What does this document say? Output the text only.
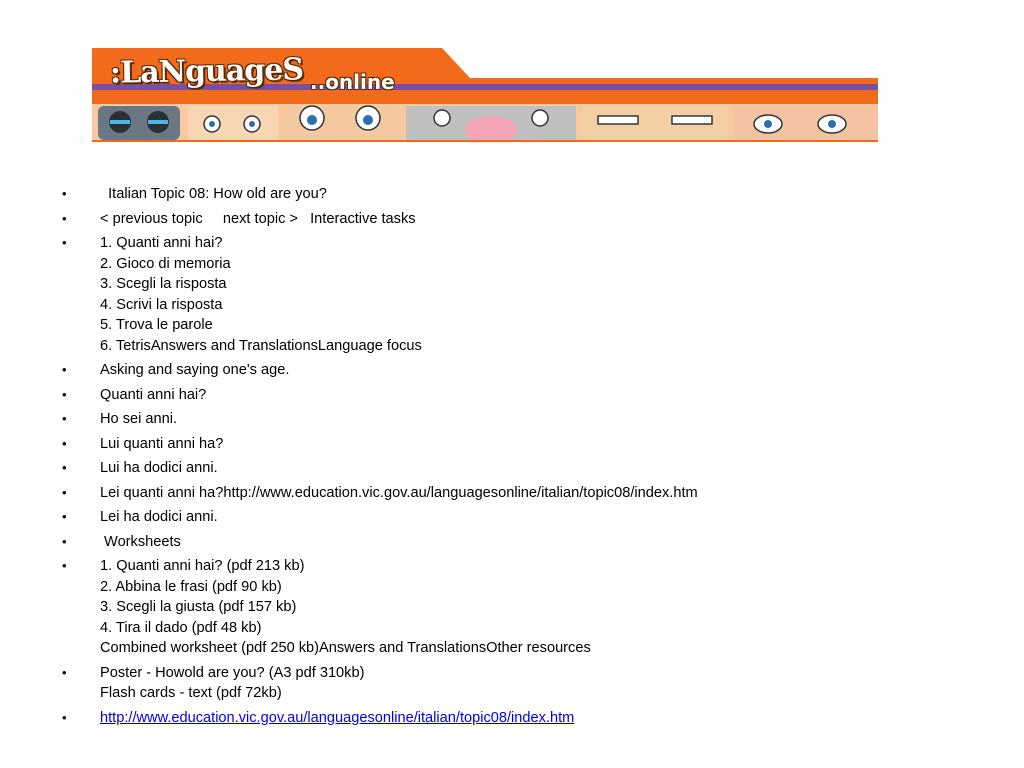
:LaNguageS ..online
• Italian Topic 08: How old are you?
• < previous topic next topic > Interactive tasks
• 1. Quanti anni hai?
2. Gioco di memoria
3. Scegli la risposta
4. Scrivi la risposta
5. Trova le parole
6. TetrisAnswers and TranslationsLanguage focus
• Asking and saying one's age.
• Quanti anni hai?
• Ho sei anni.
• Lui quanti anni ha?
• Lui ha dodici anni.
• Lei quanti anni ha?http://www.education.vic.gov.au/languagesonline/italian/topic08/index.htm
• Lei ha dodici anni.
• Worksheets
• 1. Quanti anni hai? (pdf 213 kb)
2. Abbina le frasi (pdf 90 kb)
3. Scegli la giusta (pdf 157 kb)
4. Tira il dado (pdf 48 kb)
Combined worksheet (pdf 250 kb)Answers and TranslationsOther resources
• Poster - Howold are you? (A3 pdf 310kb)
Flash cards - text (pdf 72kb)
• http://www.education.vic.gov.au/languagesonline/italian/topic08/index.htm
